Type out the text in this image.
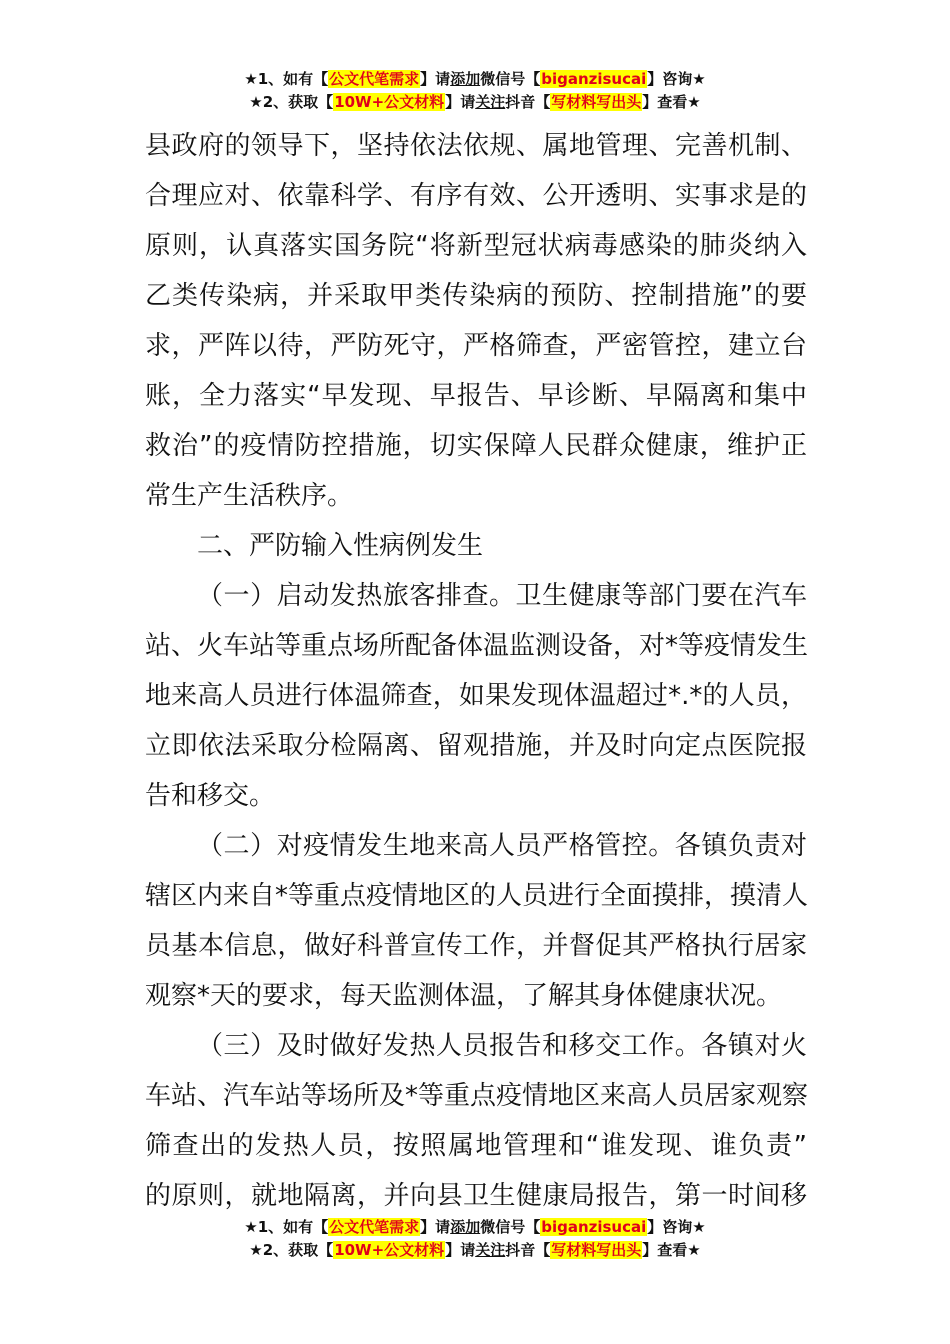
★1、如有【公文代笔需求】请添加微信号【biganzisucai】咨询★
★2、获取【10W+公文材料】请关注抖音【写材料写出头】查看★
县政府的领导下，坚持依法依规、属地管理、完善机制、
合理应对、依靠科学、有序有效、公开透明、实事求是的
原则，认真落实国务院“将新型冠状病毒感染的肺炎纳入
乙类传染病，并采取甲类传染病的预防、控制措施”的要
求，严阵以待，严防死守，严格筛查，严密管控，建立台
账，全力落实“早发现、早报告、早诊断、早隔离和集中
救治”的疫情防控措施，切实保障人民群众健康，维护正
常生产生活秩序。
二、严防输入性病例发生
（一）启动发热旅客排查。卫生健康等部门要在汽车
站、火车站等重点场所配备体温监测设备，对*等疫情发生
地来高人员进行体温筛查，如果发现体温超过*.*的人员，
立即依法采取分检隔离、留观措施，并及时向定点医院报
告和移交。
（二）对疫情发生地来高人员严格管控。各镇负责对
辖区内来自*等重点疫情地区的人员进行全面摸排，摸清人
员基本信息，做好科普宣传工作，并督促其严格执行居家
观察*天的要求，每天监测体温，了解其身体健康状况。
（三）及时做好发热人员报告和移交工作。各镇对火
车站、汽车站等场所及*等重点疫情地区来高人员居家观察
筛查出的发热人员，按照属地管理和“谁发现、谁负责”
的原则，就地隔离，并向县卫生健康局报告，第一时间移
★1、如有【公文代笔需求】请添加微信号【biganzisucai】咨询★
★2、获取【10W+公文材料】请关注抖音【写材料写出头】查看★
